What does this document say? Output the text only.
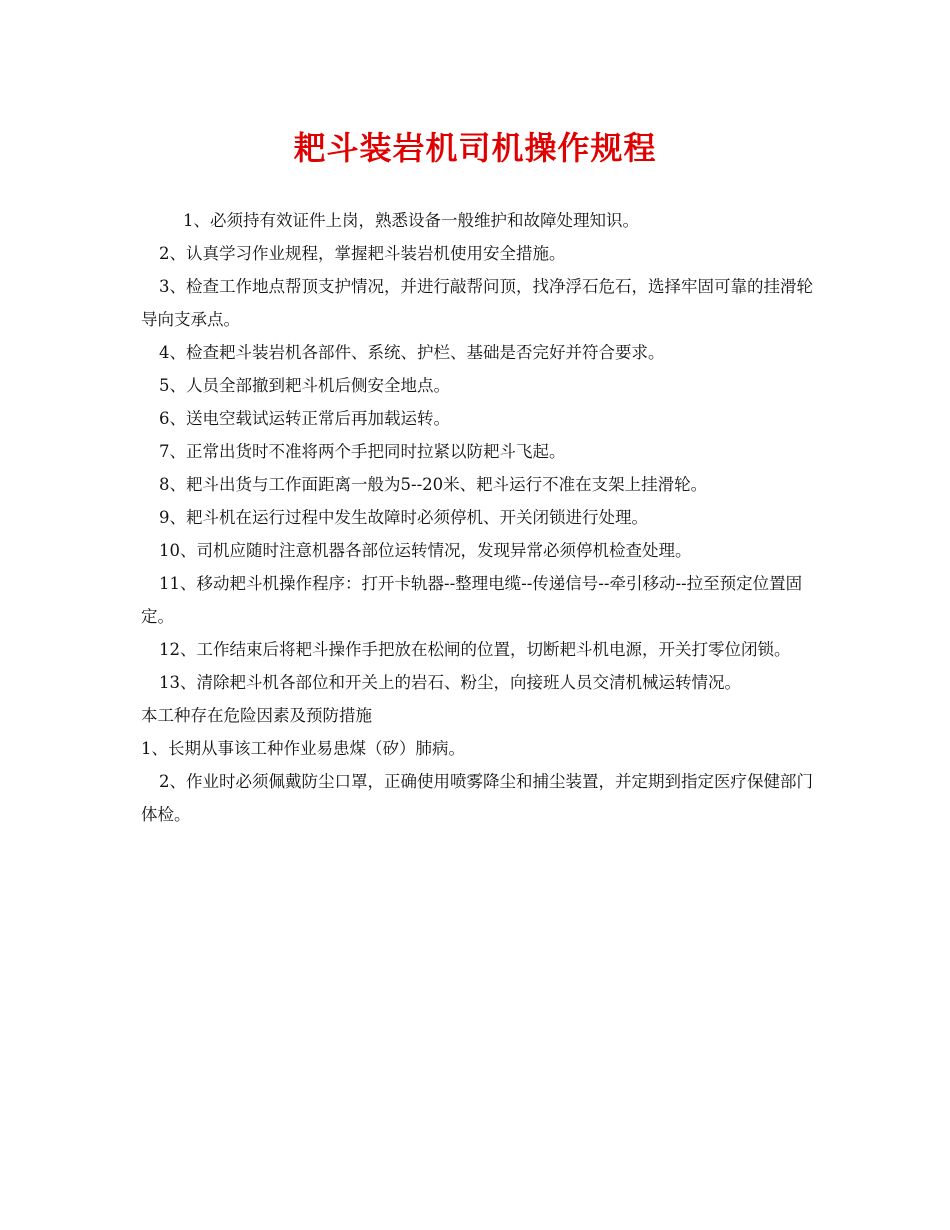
耙斗装岩机司机操作规程

1、必须持有效证件上岗，熟悉设备一般维护和故障处理知识。

2、认真学习作业规程，掌握耙斗装岩机使用安全措施。

3、检查工作地点帮顶支护情况，并进行敲帮问顶，找净浮石危石，选择牢固可靠的挂滑轮导向支承点。

4、检查耙斗装岩机各部件、系统、护栏、基础是否完好并符合要求。

5、人员全部撤到耙斗机后侧安全地点。

6、送电空载试运转正常后再加载运转。

7、正常出货时不准将两个手把同时拉紧以防耙斗飞起。

8、耙斗出货与工作面距离一般为5--20米、耙斗运行不准在支架上挂滑轮。

9、耙斗机在运行过程中发生故障时必须停机、开关闭锁进行处理。

10、司机应随时注意机器各部位运转情况，发现异常必须停机检查处理。

11、移动耙斗机操作程序：打开卡轨器--整理电缆--传递信号--牵引移动--拉至预定位置固定。

12、工作结束后将耙斗操作手把放在松闸的位置，切断耙斗机电源，开关打零位闭锁。

13、清除耙斗机各部位和开关上的岩石、粉尘，向接班人员交清机械运转情况。

本工种存在危险因素及预防措施

1、长期从事该工种作业易患煤（矽）肺病。

2、作业时必须佩戴防尘口罩，正确使用喷雾降尘和捕尘装置，并定期到指定医疗保健部门体检。
